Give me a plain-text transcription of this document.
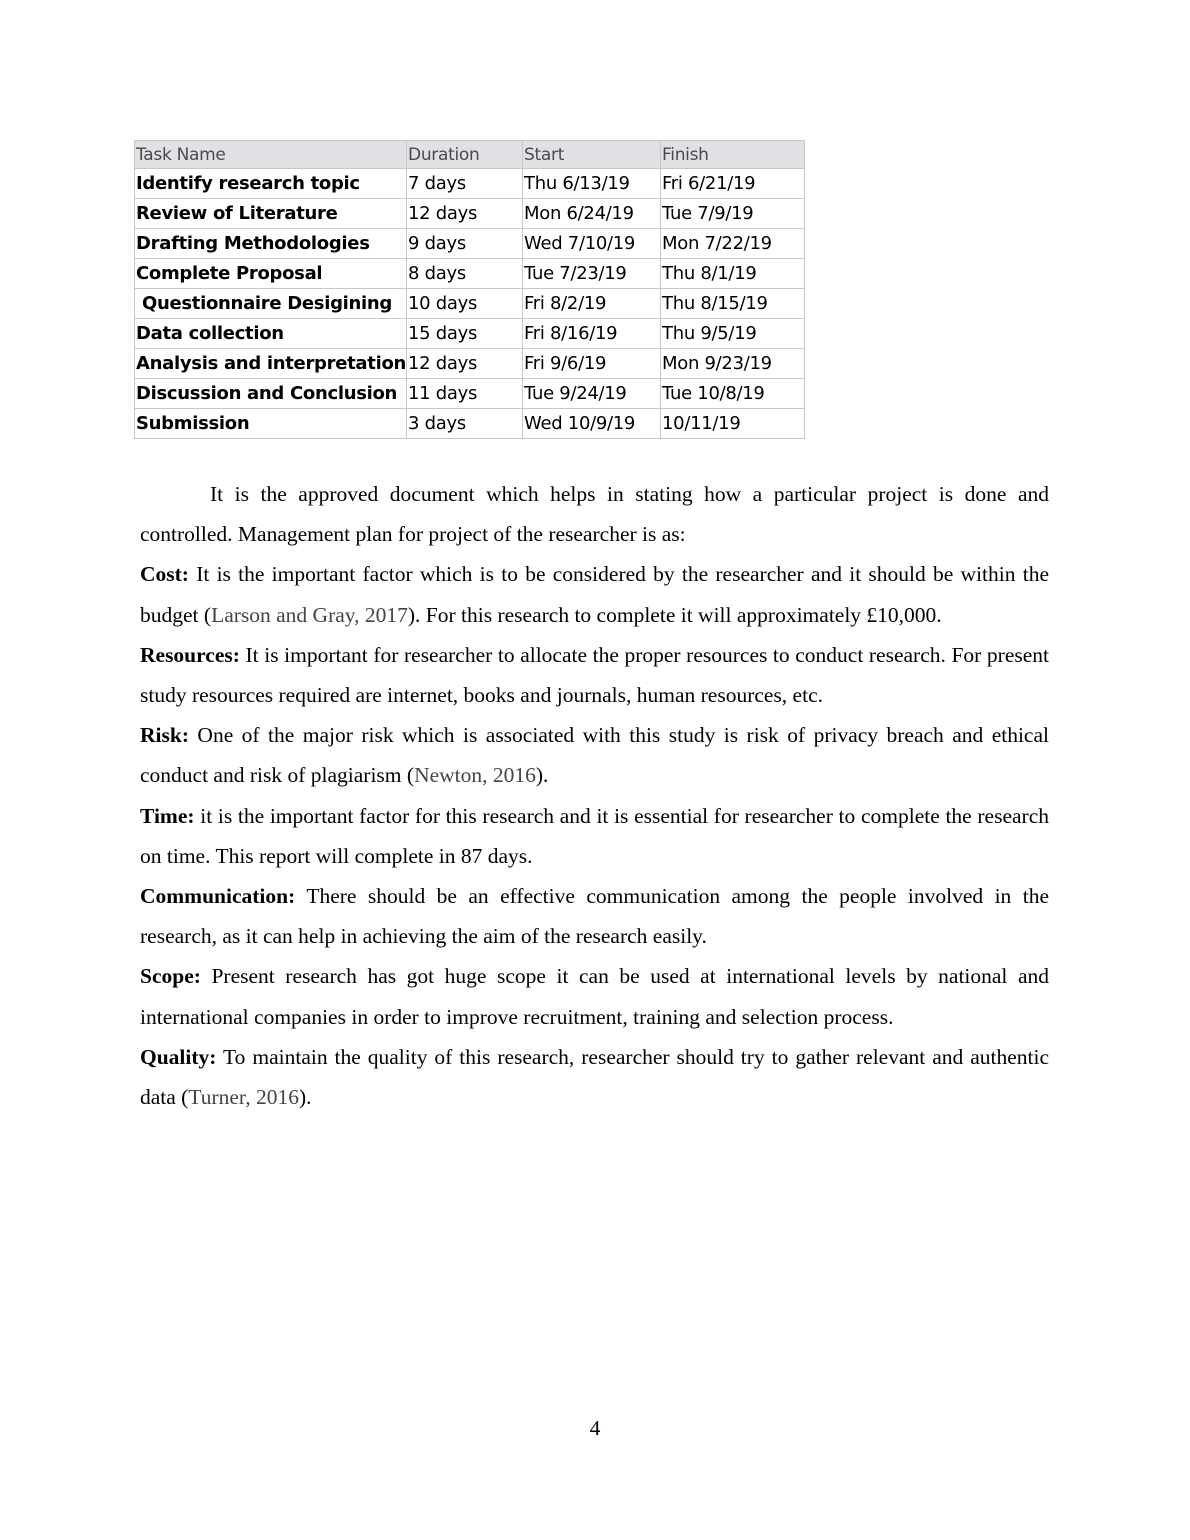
Task Name	Duration	Start	Finish
Identify research topic	7 days	Thu 6/13/19	Fri 6/21/19
Review of Literature	12 days	Mon 6/24/19	Tue 7/9/19
Drafting Methodologies	9 days	Wed 7/10/19	Mon 7/22/19
Complete Proposal	8 days	Tue 7/23/19	Thu 8/1/19
Questionnaire Desigining	10 days	Fri 8/2/19	Thu 8/15/19
Data collection	15 days	Fri 8/16/19	Thu 9/5/19
Analysis and interpretation	12 days	Fri 9/6/19	Mon 9/23/19
Discussion and Conclusion	11 days	Tue 9/24/19	Tue 10/8/19
Submission	3 days	Wed 10/9/19	10/11/19

It is the approved document which helps in stating how a particular project is done and controlled. Management plan for project of the researcher is as:

Cost: It is the important factor which is to be considered by the researcher and it should be within the budget (Larson and Gray, 2017). For this research to complete it will approximately £10,000.

Resources: It is important for researcher to allocate the proper resources to conduct research. For present study resources required are internet, books and journals, human resources, etc.

Risk: One of the major risk which is associated with this study is risk of privacy breach and ethical conduct and risk of plagiarism (Newton, 2016).

Time: it is the important factor for this research and it is essential for researcher to complete the research on time. This report will complete in 87 days.

Communication: There should be an effective communication among the people involved in the research, as it can help in achieving the aim of the research easily.

Scope: Present research has got huge scope it can be used at international levels by national and international companies in order to improve recruitment, training and selection process.

Quality: To maintain the quality of this research, researcher should try to gather relevant and authentic data (Turner, 2016).

4
